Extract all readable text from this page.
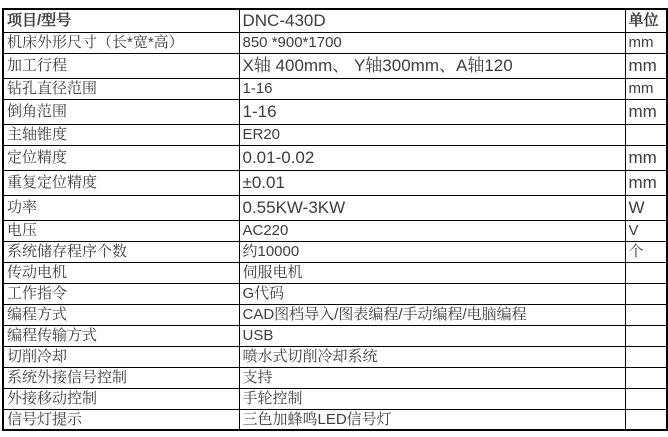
项目/型号	DNC-430D	单位
机床外形尺寸（长*宽*高）	850 *900*1700	mm
加工行程	X轴 400mm、 Y轴300mm、A轴120	mm
钻孔直径范围	1-16	mm
倒角范围	1-16	mm
主轴锥度	ER20	
定位精度	0.01-0.02	mm
重复定位精度	±0.01	mm
功率	0.55KW-3KW	W
电压	AC220	V
系统储存程序个数	约10000	个
传动电机	伺服电机	
工作指令	G代码	
编程方式	CAD图档导入/图表编程/手动编程/电脑编程	
编程传输方式	USB	
切削冷却	喷水式切削冷却系统	
系统外接信号控制	支持	
外接移动控制	手轮控制	
信号灯提示	三色加蜂鸣LED信号灯	
